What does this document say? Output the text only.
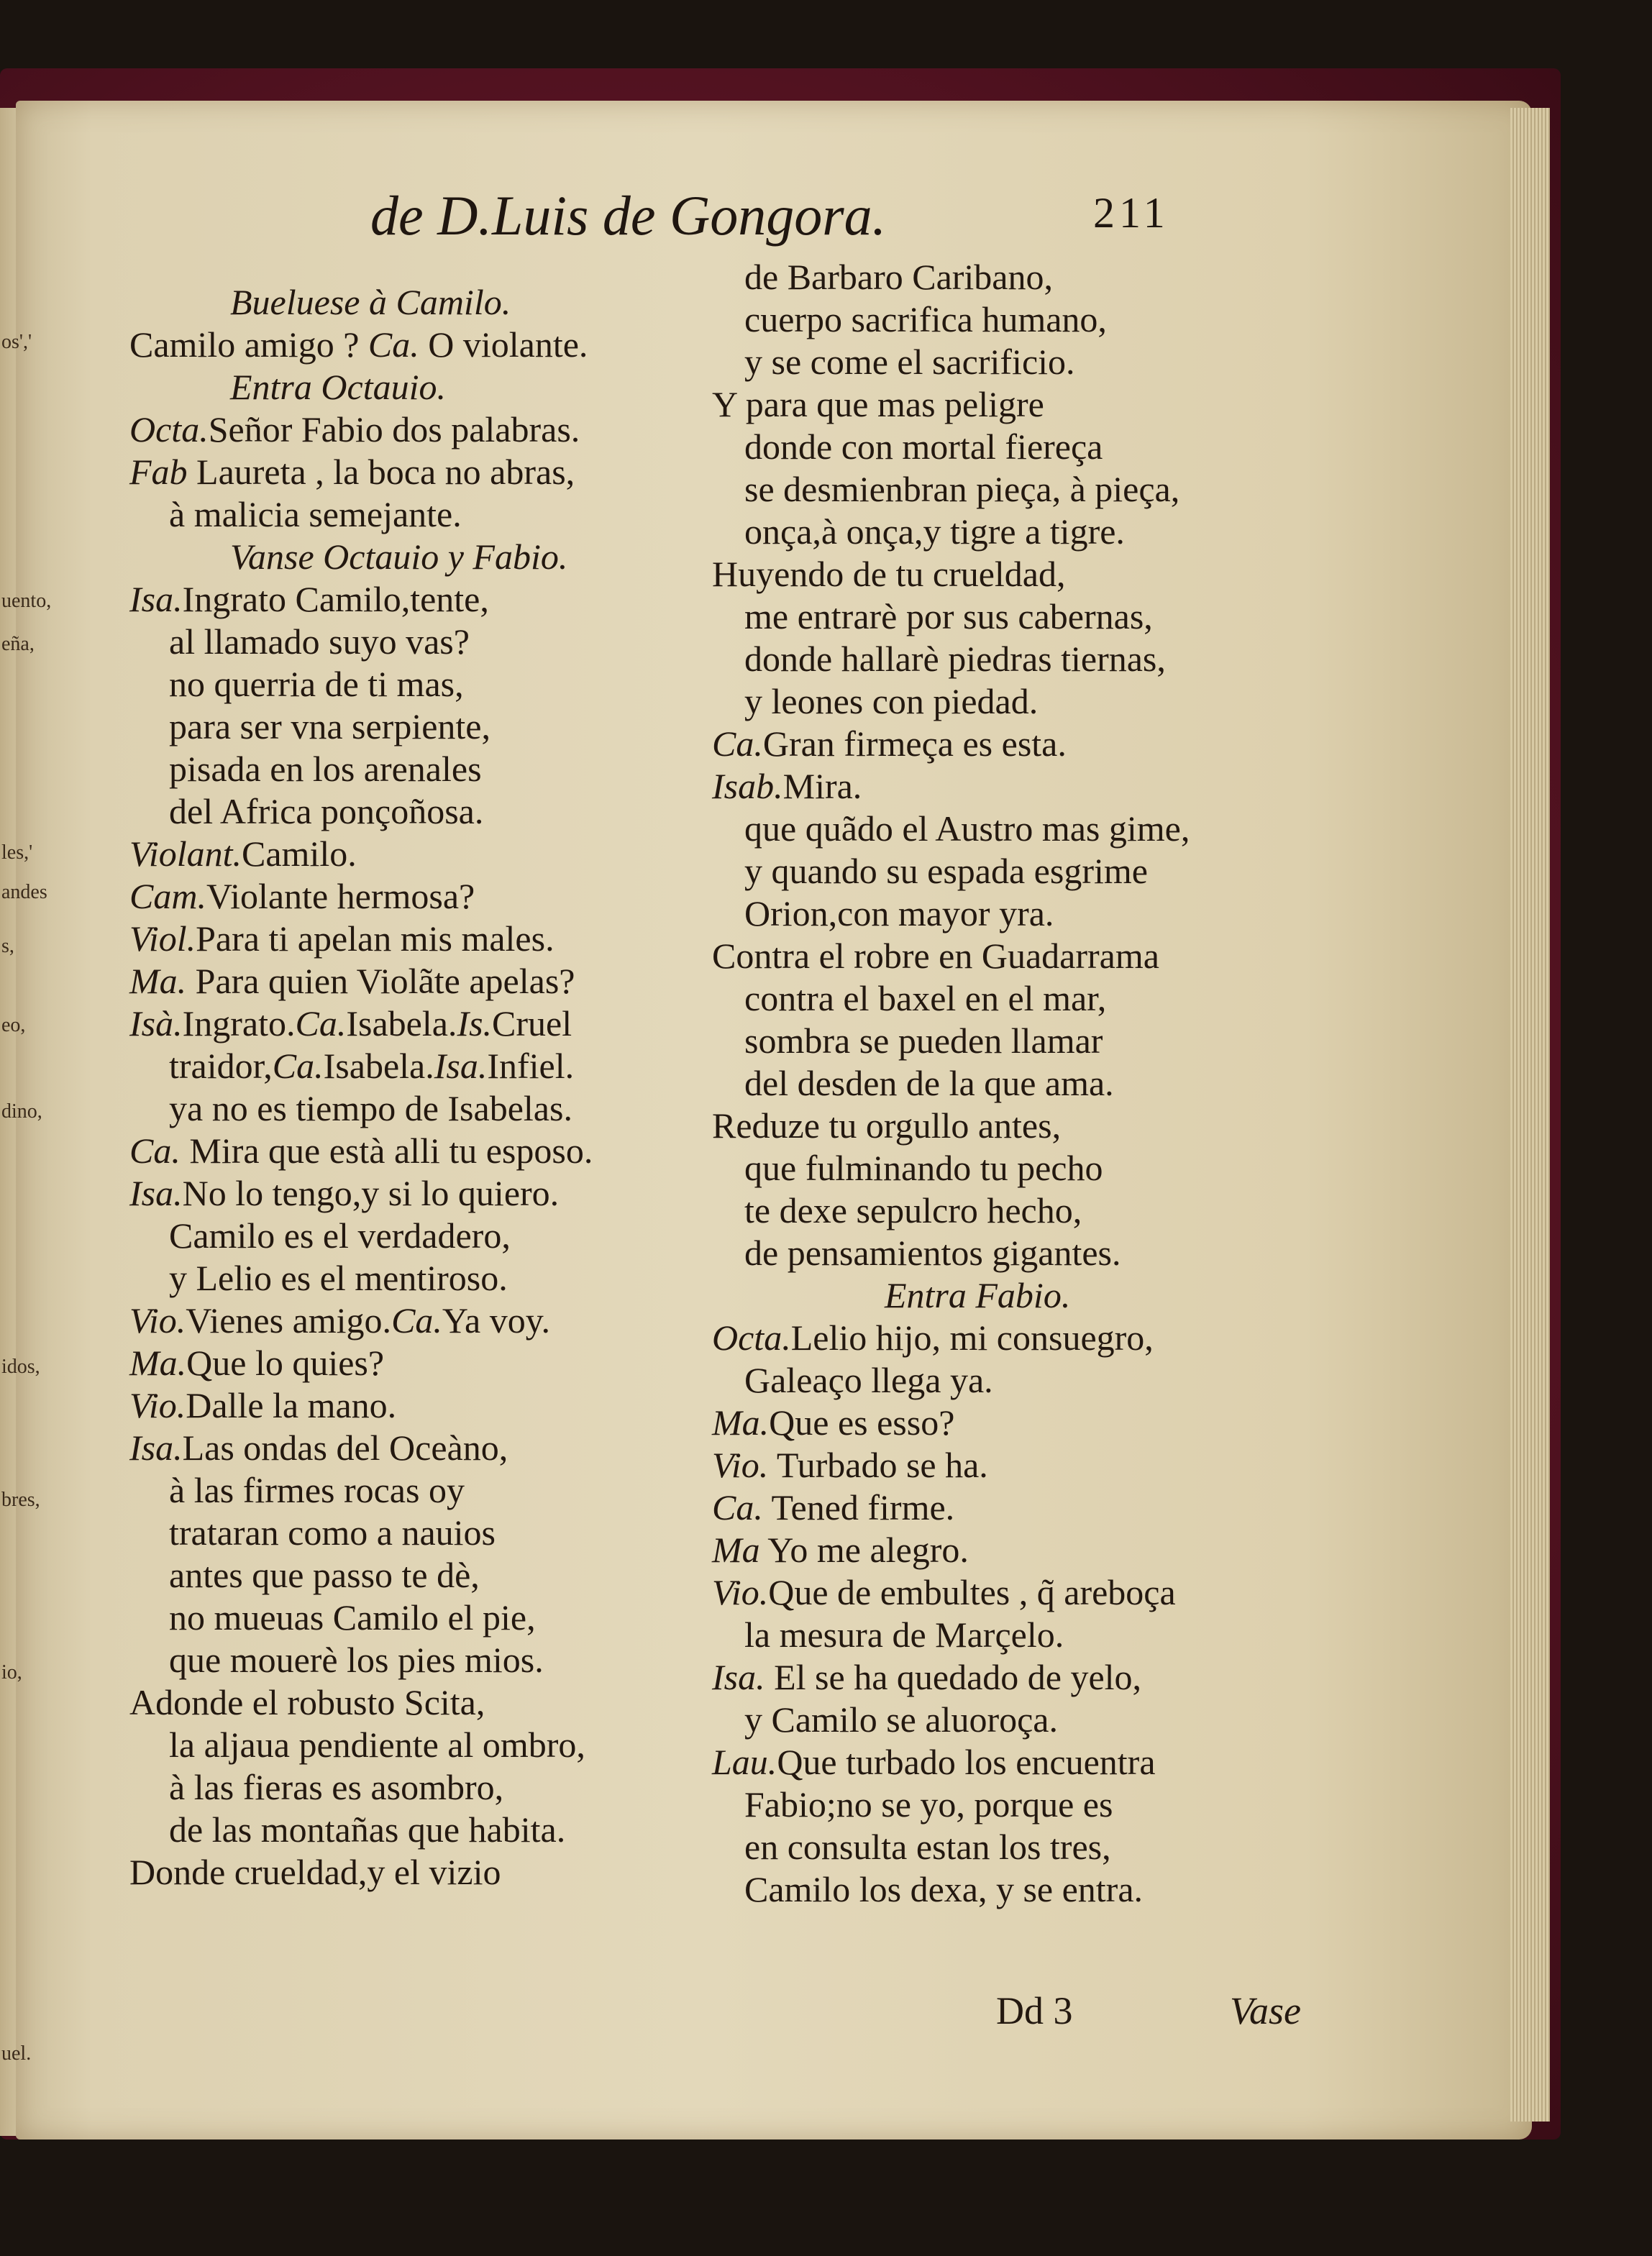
os','
uento,
eña,
les,'
andes
s,
eo,
dino,
idos,
bres,
io,
uel.
de D.Luis de Gongora.	211
Bueluese à Camilo.
Camilo amigo ? Ca. O violante.
Entra Octauio.
Octa.Señor Fabio dos palabras.
Fab Laureta , la boca no abras,
à malicia semejante.
Vanse Octauio y Fabio.
Isa.Ingrato Camilo,tente,
al llamado suyo vas?
no querria de ti mas,
para ser vna serpiente,
pisada en los arenales
del Africa ponçoñosa.
Violant.Camilo.
Cam.Violante hermosa?
Viol.Para ti apelan mis males.
Ma. Para quien Violãte apelas?
Isà.Ingrato.Ca.Isabela.Is.Cruel
traidor,Ca.Isabela.Isa.Infiel.
ya no es tiempo de Isabelas.
Ca. Mira que està alli tu esposo.
Isa.No lo tengo,y si lo quiero.
Camilo es el verdadero,
y Lelio es el mentiroso.
Vio.Vienes amigo.Ca.Ya voy.
Ma.Que lo quies?
Vio.Dalle la mano.
Isa.Las ondas del Oceàno,
à las firmes rocas oy
trataran como a nauios
antes que passo te dè,
no mueuas Camilo el pie,
que mouerè los pies mios.
Adonde el robusto Scita,
la aljaua pendiente al ombro,
à las fieras es asombro,
de las montañas que habita.
Donde crueldad,y el vizio
de Barbaro Caribano,
cuerpo sacrifica humano,
y se come el sacrificio.
Y para que mas peligre
donde con mortal fiereça
se desmienbran pieça, à pieça,
onça,à onça,y tigre a tigre.
Huyendo de tu crueldad,
me entrarè por sus cabernas,
donde hallarè piedras tiernas,
y leones con piedad.
Ca.Gran firmeça es esta.
Isab.Mira.
que quãdo el Austro mas gime,
y quando su espada esgrime
Orion,con mayor yra.
Contra el robre en Guadarrama
contra el baxel en el mar,
sombra se pueden llamar
del desden de la que ama.
Reduze tu orgullo antes,
que fulminando tu pecho
te dexe sepulcro hecho,
de pensamientos gigantes.
Entra Fabio.
Octa.Lelio hijo, mi consuegro,
Galeaço llega ya.
Ma.Que es esso?
Vio. Turbado se ha.
Ca. Tened firme.
Ma Yo me alegro.
Vio.Que de embultes , q̃ areboça
la mesura de Marçelo.
Isa. El se ha quedado de yelo,
y Camilo se aluoroça.
Lau.Que turbado los encuentra
Fabio;no se yo, porque es
en consulta estan los tres,
Camilo los dexa, y se entra.
Dd 3	Vase
